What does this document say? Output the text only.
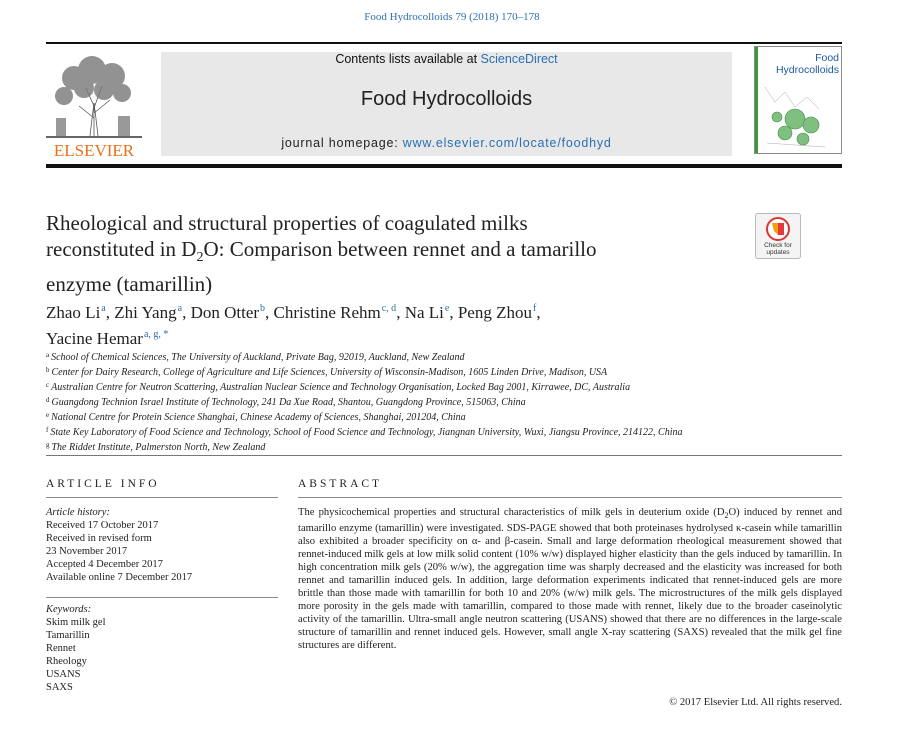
Food Hydrocolloids 79 (2018) 170–178
ELSEVIER
Contents lists available at ScienceDirect
Food Hydrocolloids
journal homepage: www.elsevier.com/locate/foodhyd
Food
Hydrocolloids
Rheological and structural properties of coagulated milks
reconstituted in $D_2O$: Comparison between rennet and a tamarillo
enzyme (tamarillin)
Check for
updates
Zhao Li$^a$, Zhi Yang$^a$, Don Otter$^b$, Christine Rehm$^{c, d}$, Na Li$^e$, Peng Zhou$^f$,
Yacine Hemar$^{a, g, *}$
$^a$ School of Chemical Sciences, The University of Auckland, Private Bag, 92019, Auckland, New Zealand
$^b$ Center for Dairy Research, College of Agriculture and Life Sciences, University of Wisconsin-Madison, 1605 Linden Drive, Madison, USA
$^c$ Australian Centre for Neutron Scattering, Australian Nuclear Science and Technology Organisation, Locked Bag 2001, Kirrawee, DC, Australia
$^d$ Guangdong Technion Israel Institute of Technology, 241 Da Xue Road, Shantou, Guangdong Province, 515063, China
$^e$ National Centre for Protein Science Shanghai, Chinese Academy of Sciences, Shanghai, 201204, China
$^f$ State Key Laboratory of Food Science and Technology, School of Food Science and Technology, Jiangnan University, Wuxi, Jiangsu Province, 214122, China
$^g$ The Riddet Institute, Palmerston North, New Zealand
ARTICLE INFO
Article history:
Received 17 October 2017
Received in revised form
23 November 2017
Accepted 4 December 2017
Available online 7 December 2017
Keywords:
Skim milk gel
Tamarillin
Rennet
Rheology
USANS
SAXS
ABSTRACT
The physicochemical properties and structural characteristics of milk gels in deuterium oxide $(D_2O)$ induced by rennet and tamarillo enzyme (tamarillin) were investigated. SDS-PAGE showed that both proteinases hydrolysed κ-casein while tamarillin also exhibited a broader specificity on α- and β-casein. Small and large deformation rheological measurement showed that rennet-induced milk gels at low milk solid content (10% w/w) displayed higher elasticity than the gels induced by tamarillin. In high concentration milk gels (20% w/w), the aggregation time was sharply decreased and the elasticity was increased for both rennet and tamarillin induced gels. In addition, large deformation experiments indicated that rennet-induced gels are more brittle than those made with tamarillin for both 10 and 20% (w/w) milk gels. The microstructures of the milk gels displayed more porosity in the gels made with tamarillin, compared to those made with rennet, likely due to the broader caseinolytic activity of the tamarillin. Ultra-small angle neutron scattering (USANS) showed that there are no differences in the large-scale structure of tamarillin and rennet induced gels. However, small angle X-ray scattering (SAXS) revealed that the milk gel fine structures are different.
© 2017 Elsevier Ltd. All rights reserved.
